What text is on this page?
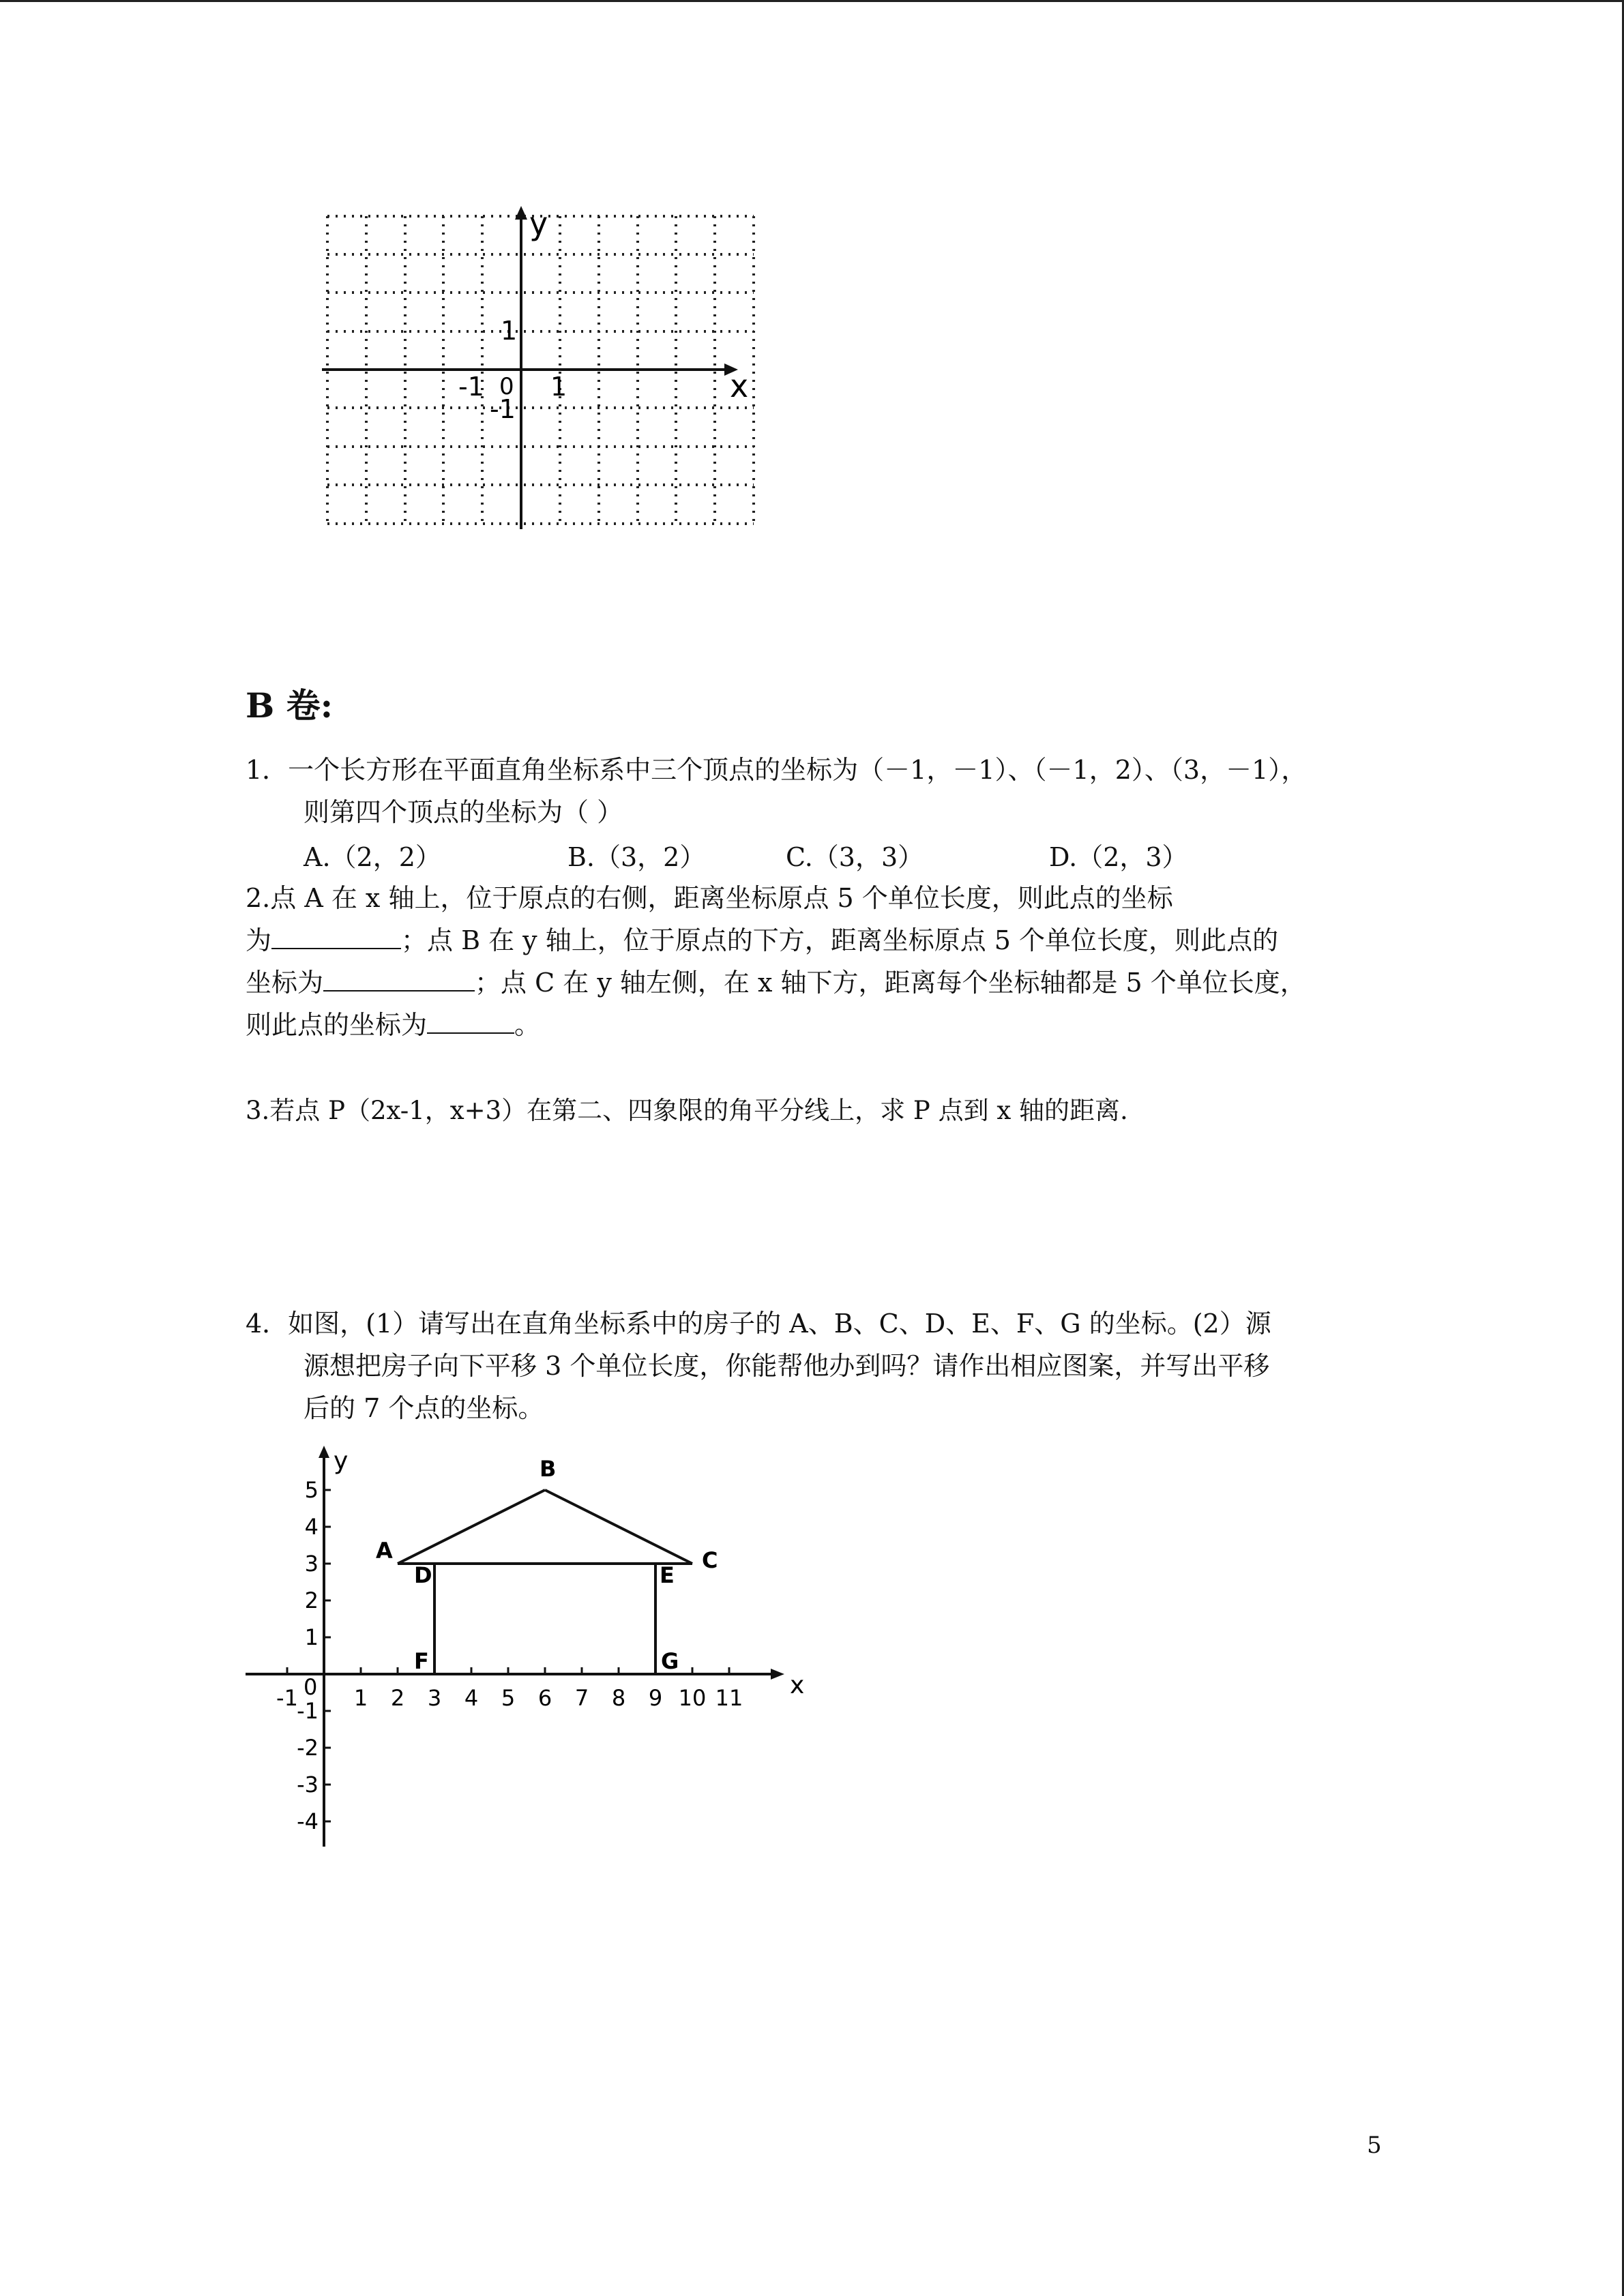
x
y
0
-1	1
1
-1
B 卷:
1．一个长方形在平面直角坐标系中三个顶点的坐标为（－1，－1）、（－1，2）、（3，－1），
则第四个顶点的坐标为（ ）
A.（2，2）	B.（3，2）	C.（3，3）	D.（2，3）
2.点 A 在 x 轴上，位于原点的右侧，距离坐标原点 5 个单位长度，则此点的坐标
为	；点 B 在 y 轴上，位于原点的下方，距离坐标原点 5 个单位长度，则此点的
坐标为	；点 C 在 y 轴左侧，在 x 轴下方，距离每个坐标轴都是 5 个单位长度，
则此点的坐标为	。
3.若点 P（2x-1，x+3）在第二、四象限的角平分线上，求 P 点到 x 轴的距离.
4．如图，(1）请写出在直角坐标系中的房子的 A、B、C、D、E、F、G 的坐标。(2）源
源想把房子向下平移 3 个单位长度，你能帮他办到吗？请作出相应图案，并写出平移
后的 7 个点的坐标。
x
y
0
-1	1 2 3 4 5 6 7 8 9 10 11
5
4
3
2
1
-1
-2
-3
-4
A
B
C
D	E
F	G
5
